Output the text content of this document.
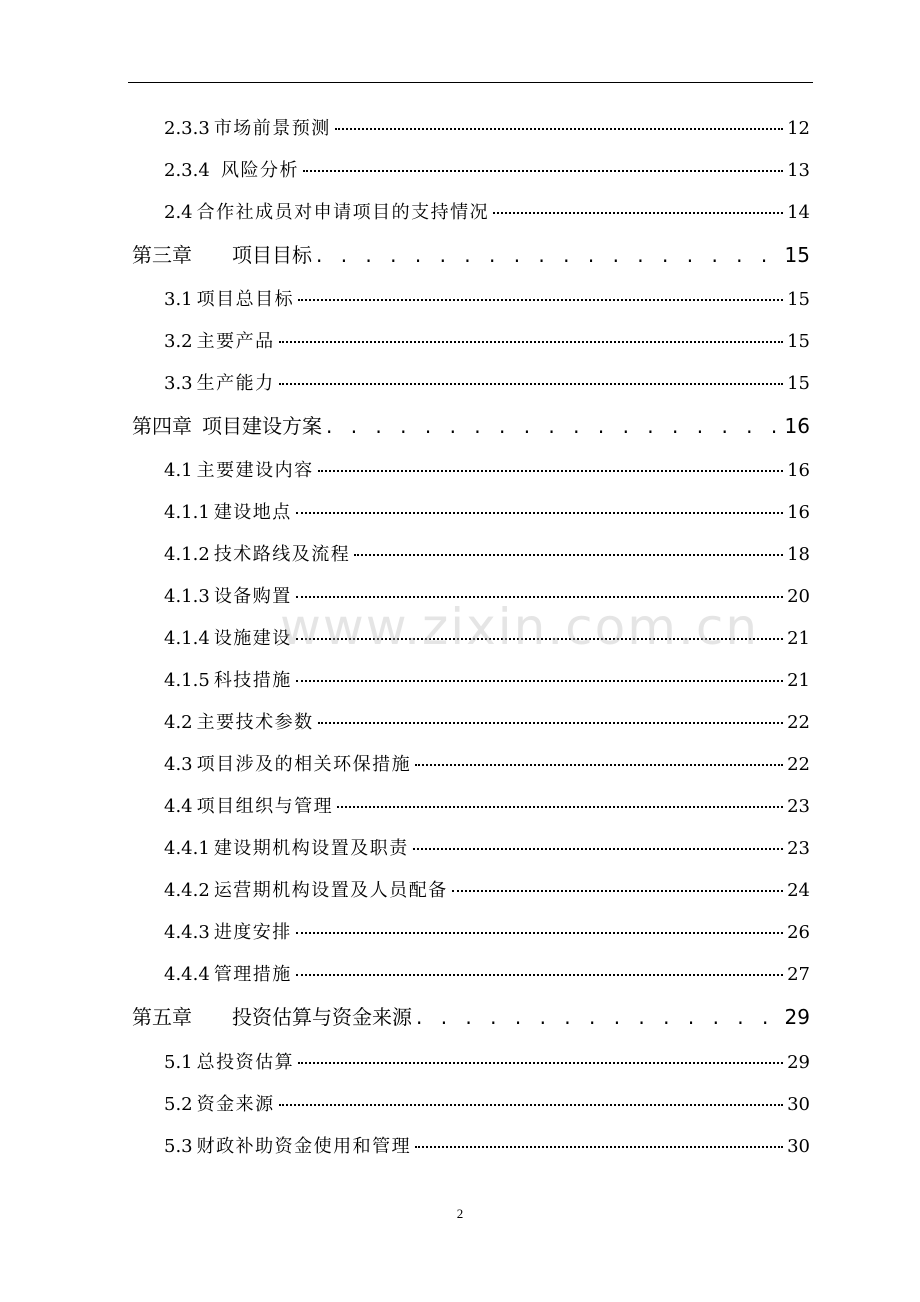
2.3.3 市场前景预测	12
2.3.4 风险分析	13
2.4 合作社成员对申请项目的支持情况	14
第三章 项目目标 . . .	15
3.1 项目总目标	15
3.2 主要产品	15
3.3 生产能力	15
第四章 项目建设方案 . . .	16
4.1 主要建设内容	16
4.1.1 建设地点	16
4.1.2 技术路线及流程	18
4.1.3 设备购置	20
4.1.4 设施建设	21
4.1.5 科技措施	21
4.2 主要技术参数	22
4.3 项目涉及的相关环保措施	22
4.4 项目组织与管理	23
4.4.1 建设期机构设置及职责	23
4.4.2 运营期机构设置及人员配备	24
4.4.3 进度安排	26
4.4.4 管理措施	27
第五章 投资估算与资金来源 . . .	29
5.1 总投资估算	29
5.2 资金来源	30
5.3 财政补助资金使用和管理	30
www.zixin.com.cn
2
